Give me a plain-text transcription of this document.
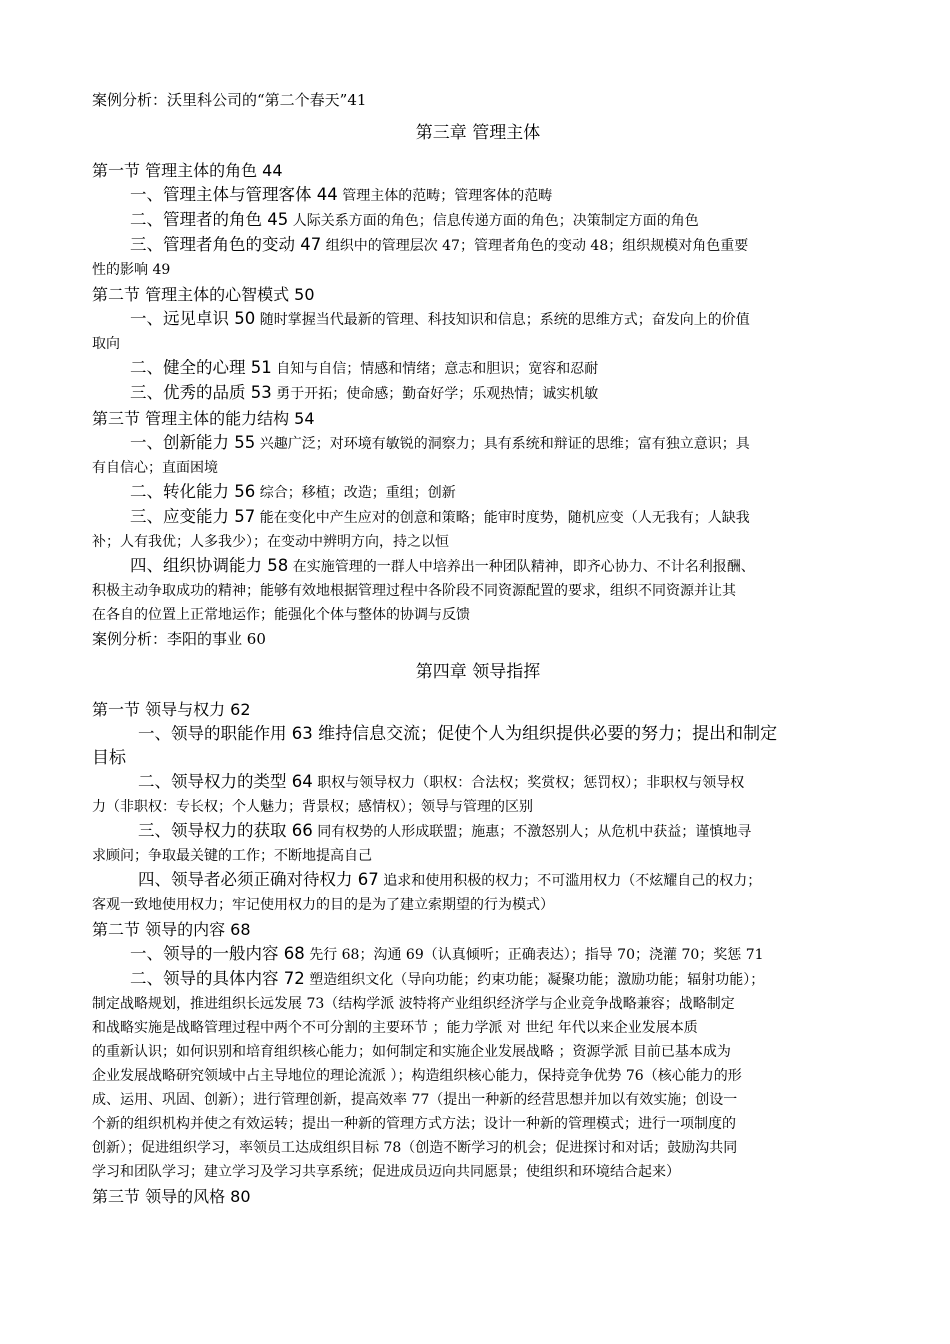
案例分析：沃里科公司的“第二个春天”41

第三章 管理主体

第一节 管理主体的角色 44

一、管理主体与管理客体 44 管理主体的范畴；管理客体的范畴

二、管理者的角色 45 人际关系方面的角色；信息传递方面的角色；决策制定方面的角色

三、管理者角色的变动 47 组织中的管理层次 47；管理者角色的变动 48；组织规模对角色重要

性的影响 49

第二节 管理主体的心智模式 50

一、远见卓识 50 随时掌握当代最新的管理、科技知识和信息；系统的思维方式；奋发向上的价值

取向

二、健全的心理 51 自知与自信；情感和情绪；意志和胆识；宽容和忍耐

三、优秀的品质 53 勇于开拓；使命感；勤奋好学；乐观热情；诚实机敏

第三节 管理主体的能力结构 54

一、创新能力 55 兴趣广泛；对环境有敏锐的洞察力；具有系统和辩证的思维；富有独立意识；具

有自信心；直面困境

二、转化能力 56 综合；移植；改造；重组；创新

三、应变能力 57 能在变化中产生应对的创意和策略；能审时度势，随机应变（人无我有；人缺我

补；人有我优；人多我少）；在变动中辨明方向，持之以恒

四、组织协调能力 58 在实施管理的一群人中培养出一种团队精神，即齐心协力、不计名利报酬、

积极主动争取成功的精神；能够有效地根据管理过程中各阶段不同资源配置的要求，组织不同资源并让其

在各自的位置上正常地运作；能强化个体与整体的协调与反馈

案例分析：李阳的事业 60

第四章 领导指挥

第一节 领导与权力 62

一、领导的职能作用 63 维持信息交流；促使个人为组织提供必要的努力；提出和制定

目标

二、领导权力的类型 64 职权与领导权力（职权：合法权；奖赏权；惩罚权）；非职权与领导权

力（非职权：专长权；个人魅力；背景权；感情权）；领导与管理的区别

三、领导权力的获取 66 同有权势的人形成联盟；施惠；不激怒别人；从危机中获益；谨慎地寻

求顾问；争取最关键的工作；不断地提高自己

四、领导者必须正确对待权力 67 追求和使用积极的权力；不可滥用权力（不炫耀自己的权力；

客观一致地使用权力；牢记使用权力的目的是为了建立索期望的行为模式）

第二节 领导的内容 68

一、领导的一般内容 68 先行 68；沟通 69（认真倾听；正确表达）；指导 70；浇灌 70；奖惩 71

二、领导的具体内容 72 塑造组织文化（导向功能；约束功能；凝聚功能；激励功能；辐射功能）；

制定战略规划，推进组织长远发展 73（结构学派 波特将产业组织经济学与企业竞争战略兼容；战略制定

和战略实施是战略管理过程中两个不可分割的主要环节 ；能力学派 对 世纪 年代以来企业发展本质

的重新认识；如何识别和培育组织核心能力；如何制定和实施企业发展战略 ；资源学派 目前已基本成为

企业发展战略研究领域中占主导地位的理论流派 ）；构造组织核心能力，保持竞争优势 76（核心能力的形

成、运用、巩固、创新）；进行管理创新，提高效率 77（提出一种新的经营思想并加以有效实施；创设一

个新的组织机构并使之有效运转；提出一种新的管理方式方法；设计一种新的管理模式；进行一项制度的

创新）；促进组织学习，率领员工达成组织目标 78（创造不断学习的机会；促进探讨和对话；鼓励沟共同

学习和团队学习；建立学习及学习共享系统；促进成员迈向共同愿景；使组织和环境结合起来）

第三节 领导的风格 80
